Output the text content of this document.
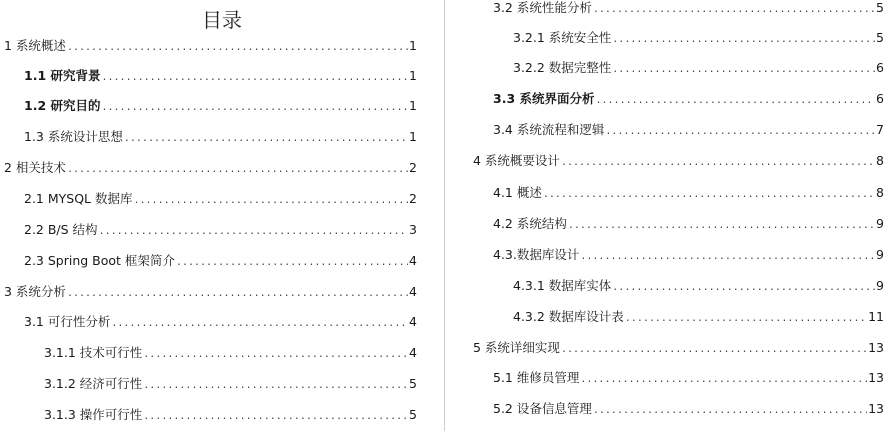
目录
1 系统概述 .....	1
1.1 研究背景 .....	1
1.2 研究目的 .....	1
1.3 系统设计思想 .....	1
2 相关技术 .....	2
2.1 MYSQL 数据库 .....	2
2.2 B/S 结构 .....	3
2.3 Spring Boot 框架简介 .....	4
3 系统分析 .....	4
3.1 可行性分析 .....	4
3.1.1 技术可行性 .....	4
3.1.2 经济可行性 .....	5
3.1.3 操作可行性 .....	5
3.2 系统性能分析 .....	5
3.2.1 系统安全性 .....	5
3.2.2 数据完整性 .....	6
3.3 系统界面分析 .....	6
3.4 系统流程和逻辑 .....	7
4 系统概要设计 .....	8
4.1 概述 .....	8
4.2 系统结构 .....	9
4.3.数据库设计 .....	9
4.3.1 数据库实体 .....	9
4.3.2 数据库设计表 .....	11
5 系统详细实现 .....	13
5.1 维修员管理 .....	13
5.2 设备信息管理 .....	13
